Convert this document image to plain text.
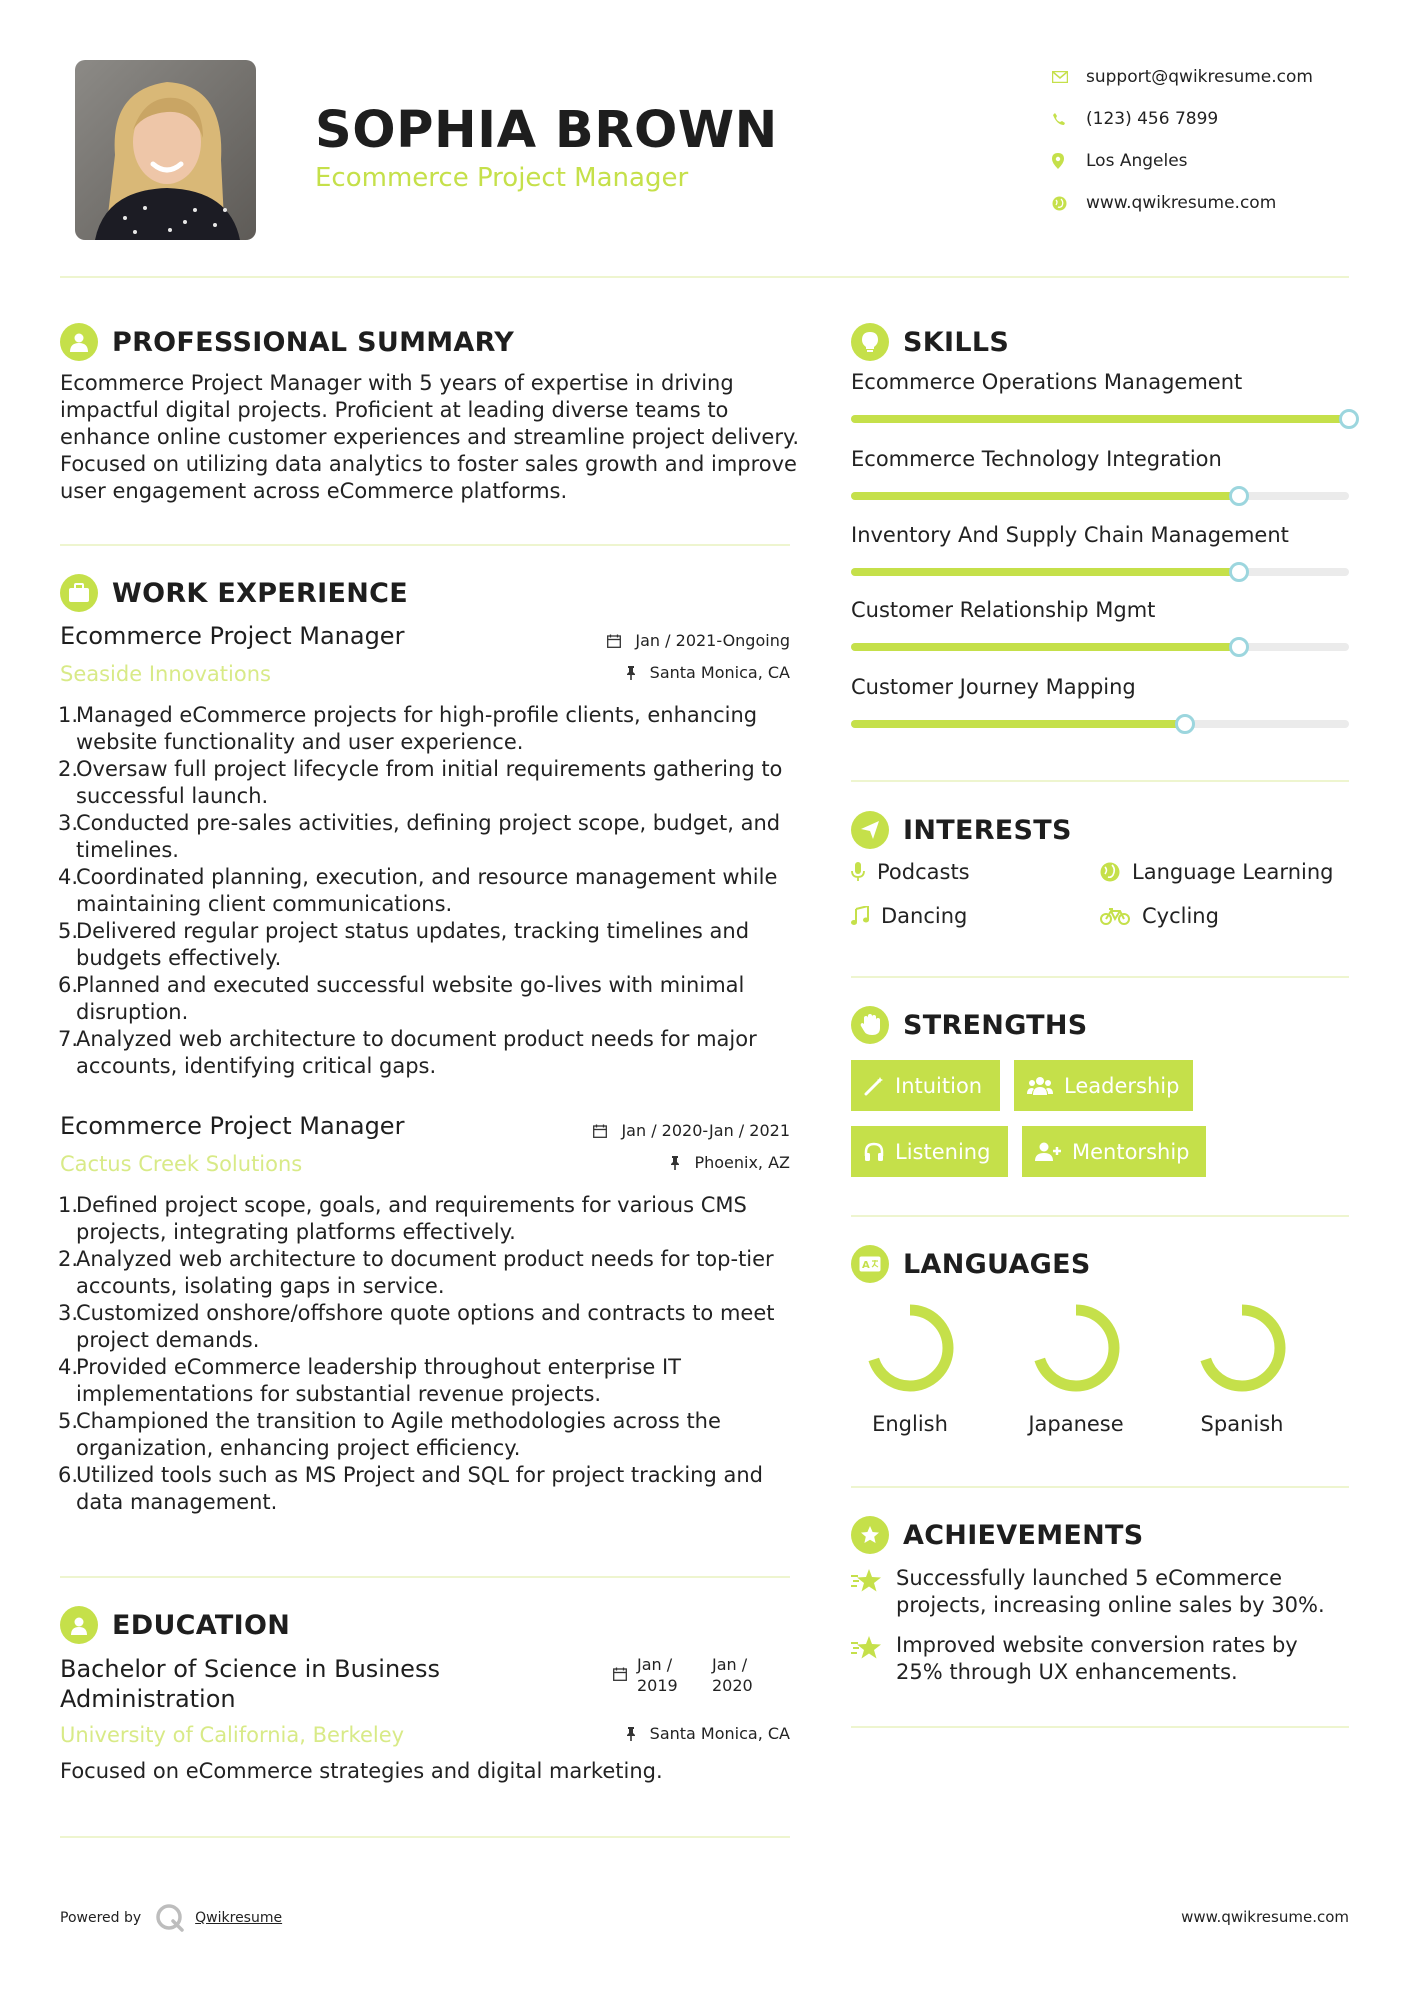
SOPHIA BROWN
Ecommerce Project Manager
support@qwikresume.com
(123) 456 7899
Los Angeles
www.qwikresume.com
PROFESSIONAL SUMMARY
Ecommerce Project Manager with 5 years of expertise in driving impactful digital projects. Proficient at leading diverse teams to enhance online customer experiences and streamline project delivery. Focused on utilizing data analytics to foster sales growth and improve user engagement across eCommerce platforms.
WORK EXPERIENCE
Ecommerce Project Manager
Seaside Innovations
Jan / 2021-Ongoing
Santa Monica, CA
1.
Managed eCommerce projects for high-profile clients, enhancing website functionality and user experience.
2.
Oversaw full project lifecycle from initial requirements gathering to successful launch.
3.
Conducted pre-sales activities, defining project scope, budget, and timelines.
4.
Coordinated planning, execution, and resource management while maintaining client communications.
5.
Delivered regular project status updates, tracking timelines and budgets effectively.
6.
Planned and executed successful website go-lives with minimal disruption.
7.
Analyzed web architecture to document product needs for major accounts, identifying critical gaps.
Ecommerce Project Manager
Cactus Creek Solutions
Jan / 2020-Jan / 2021
Phoenix, AZ
1.
Defined project scope, goals, and requirements for various CMS projects, integrating platforms effectively.
2.
Analyzed web architecture to document product needs for top-tier accounts, isolating gaps in service.
3.
Customized onshore/offshore quote options and contracts to meet project demands.
4.
Provided eCommerce leadership throughout enterprise IT implementations for substantial revenue projects.
5.
Championed the transition to Agile methodologies across the organization, enhancing project efficiency.
6.
Utilized tools such as MS Project and SQL for project tracking and data management.
EDUCATION
Bachelor of Science in Business Administration
University of California, Berkeley
Jan / 2019
Jan / 2020
Santa Monica, CA
Focused on eCommerce strategies and digital marketing.
SKILLS
Ecommerce Operations Management
Ecommerce Technology Integration
Inventory And Supply Chain Management
Customer Relationship Mgmt
Customer Journey Mapping
INTERESTS
Podcasts	Language Learning
Dancing	Cycling
STRENGTHS
Intuition	Leadership
Listening	Mentorship
A LANGUAGES
English	Japanese	Spanish
ACHIEVEMENTS
Successfully launched 5 eCommerce projects, increasing online sales by 30%.
Improved website conversion rates by 25% through UX enhancements.
Powered by	Qwikresume	www.qwikresume.com
